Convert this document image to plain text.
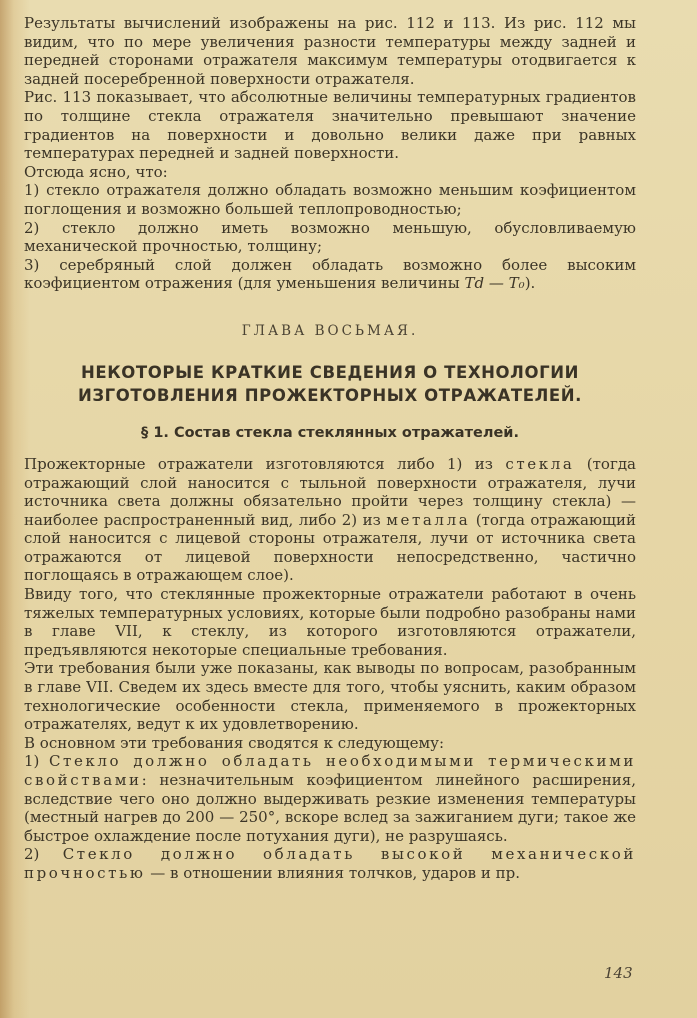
Результаты вычислений изображены на рис. 112 и 113. Из рис. 112 мы видим, что по мере увеличения разности температуры между задней и передней сторонами отражателя максимум температуры отодвигается к задней посеребренной поверхности отражателя.

Рис. 113 показывает, что абсолютные величины температурных градиентов по толщине стекла отражателя значительно превышают значение градиентов на поверхности и довольно велики даже при равных температурах передней и задней поверхности.

Отсюда ясно, что:

1) стекло отражателя должно обладать возможно меньшим коэфициентом поглощения и возможно большей теплопроводностью;

2) стекло должно иметь возможно меньшую, обусловливаемую механической прочностью, толщину;

3) серебряный слой должен обладать возможно более высоким коэфициентом отражения (для уменьшения величины Td — T₀).

ГЛАВА ВОСЬМАЯ.
НЕКОТОРЫЕ КРАТКИЕ СВЕДЕНИЯ О ТЕХНОЛОГИИ
ИЗГОТОВЛЕНИЯ ПРОЖЕКТОРНЫХ ОТРАЖАТЕЛЕЙ.
§ 1. Состав стекла стеклянных отражателей.

Прожекторные отражатели изготовляются либо 1) из стекла (тогда отражающий слой наносится с тыльной поверхности отражателя, лучи источника света должны обязательно пройти через толщину стекла) — наиболее распространенный вид, либо 2) из металла (тогда отражающий слой наносится с лицевой стороны отражателя, лучи от источника света отражаются от лицевой поверхности непосредственно, частично поглощаясь в отражающем слое).

Ввиду того, что стеклянные прожекторные отражатели работают в очень тяжелых температурных условиях, которые были подробно разобраны нами в главе VII, к стеклу, из которого изготовляются отражатели, предъявляются некоторые специальные требования.

Эти требования были уже показаны, как выводы по вопросам, разобранным в главе VII. Сведем их здесь вместе для того, чтобы уяснить, каким образом технологические особенности стекла, применяемого в прожекторных отражателях, ведут к их удовлетворению.

В основном эти требования сводятся к следующему:

1) Стекло должно обладать необходимыми термическими свойствами: незначительным коэфициентом линейного расширения, вследствие чего оно должно выдерживать резкие изменения температуры (местный нагрев до 200 — 250°, вскоре вслед за зажиганием дуги; такое же быстрое охлаждение после потухания дуги), не разрушаясь.

2) Стекло должно обладать высокой механической прочностью — в отношении влияния толчков, ударов и пр.

143
